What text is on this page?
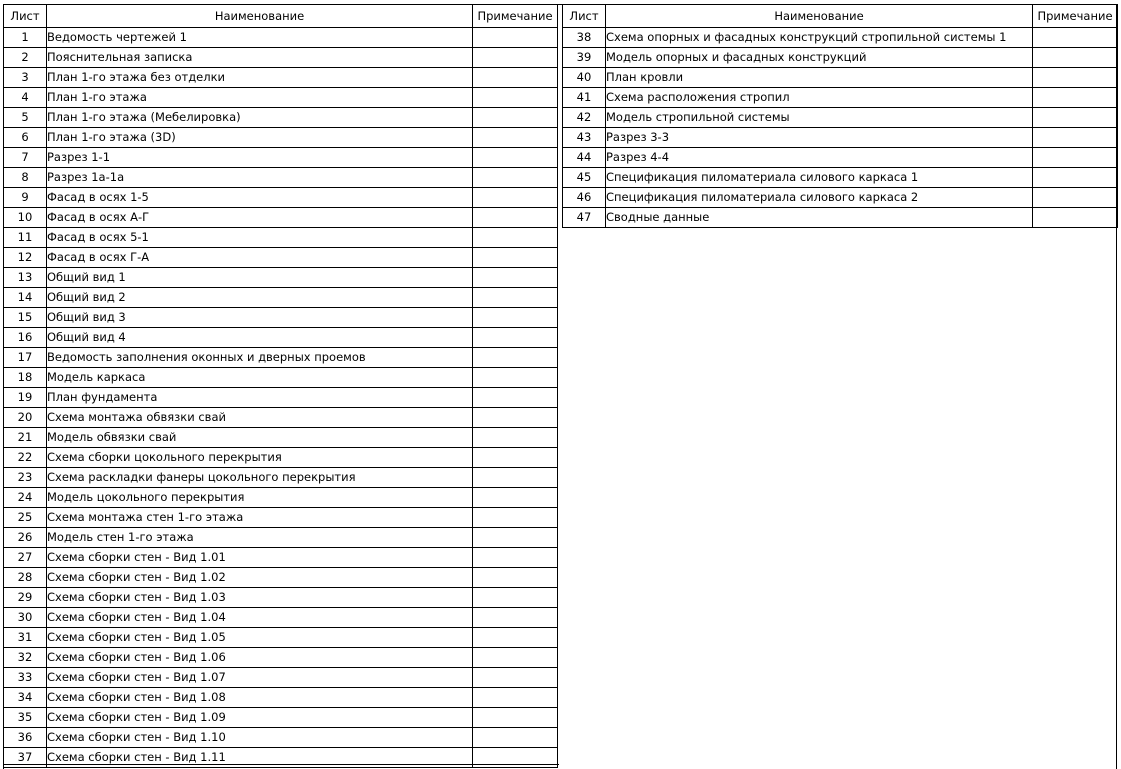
Лист	Наименование	Примечание
1	Ведомость чертежей 1	
2	Пояснительная записка	
3	План 1-го этажа без отделки	
4	План 1-го этажа	
5	План 1-го этажа (Мебелировка)	
6	План 1-го этажа (3D)	
7	Разрез 1-1	
8	Разрез 1а-1а	
9	Фасад в осях 1-5	
10	Фасад в осях А-Г	
11	Фасад в осях 5-1	
12	Фасад в осях Г-А	
13	Общий вид 1	
14	Общий вид 2	
15	Общий вид 3	
16	Общий вид 4	
17	Ведомость заполнения оконных и дверных проемов	
18	Модель каркаса	
19	План фундамента	
20	Схема монтажа обвязки свай	
21	Модель обвязки свай	
22	Схема сборки цокольного перекрытия	
23	Схема раскладки фанеры цокольного перекрытия	
24	Модель цокольного перекрытия	
25	Схема монтажа стен 1-го этажа	
26	Модель стен 1-го этажа	
27	Схема сборки стен - Вид 1.01	
28	Схема сборки стен - Вид 1.02	
29	Схема сборки стен - Вид 1.03	
30	Схема сборки стен - Вид 1.04	
31	Схема сборки стен - Вид 1.05	
32	Схема сборки стен - Вид 1.06	
33	Схема сборки стен - Вид 1.07	
34	Схема сборки стен - Вид 1.08	
35	Схема сборки стен - Вид 1.09	
36	Схема сборки стен - Вид 1.10	
37	Схема сборки стен - Вид 1.11	
Лист	Наименование	Примечание
38	Схема опорных и фасадных конструкций стропильной системы 1	
39	Модель опорных и фасадных конструкций	
40	План кровли	
41	Схема расположения стропил	
42	Модель стропильной системы	
43	Разрез 3-3	
44	Разрез 4-4	
45	Спецификация пиломатериала силового каркаса 1	
46	Спецификация пиломатериала силового каркаса 2	
47	Сводные данные	
